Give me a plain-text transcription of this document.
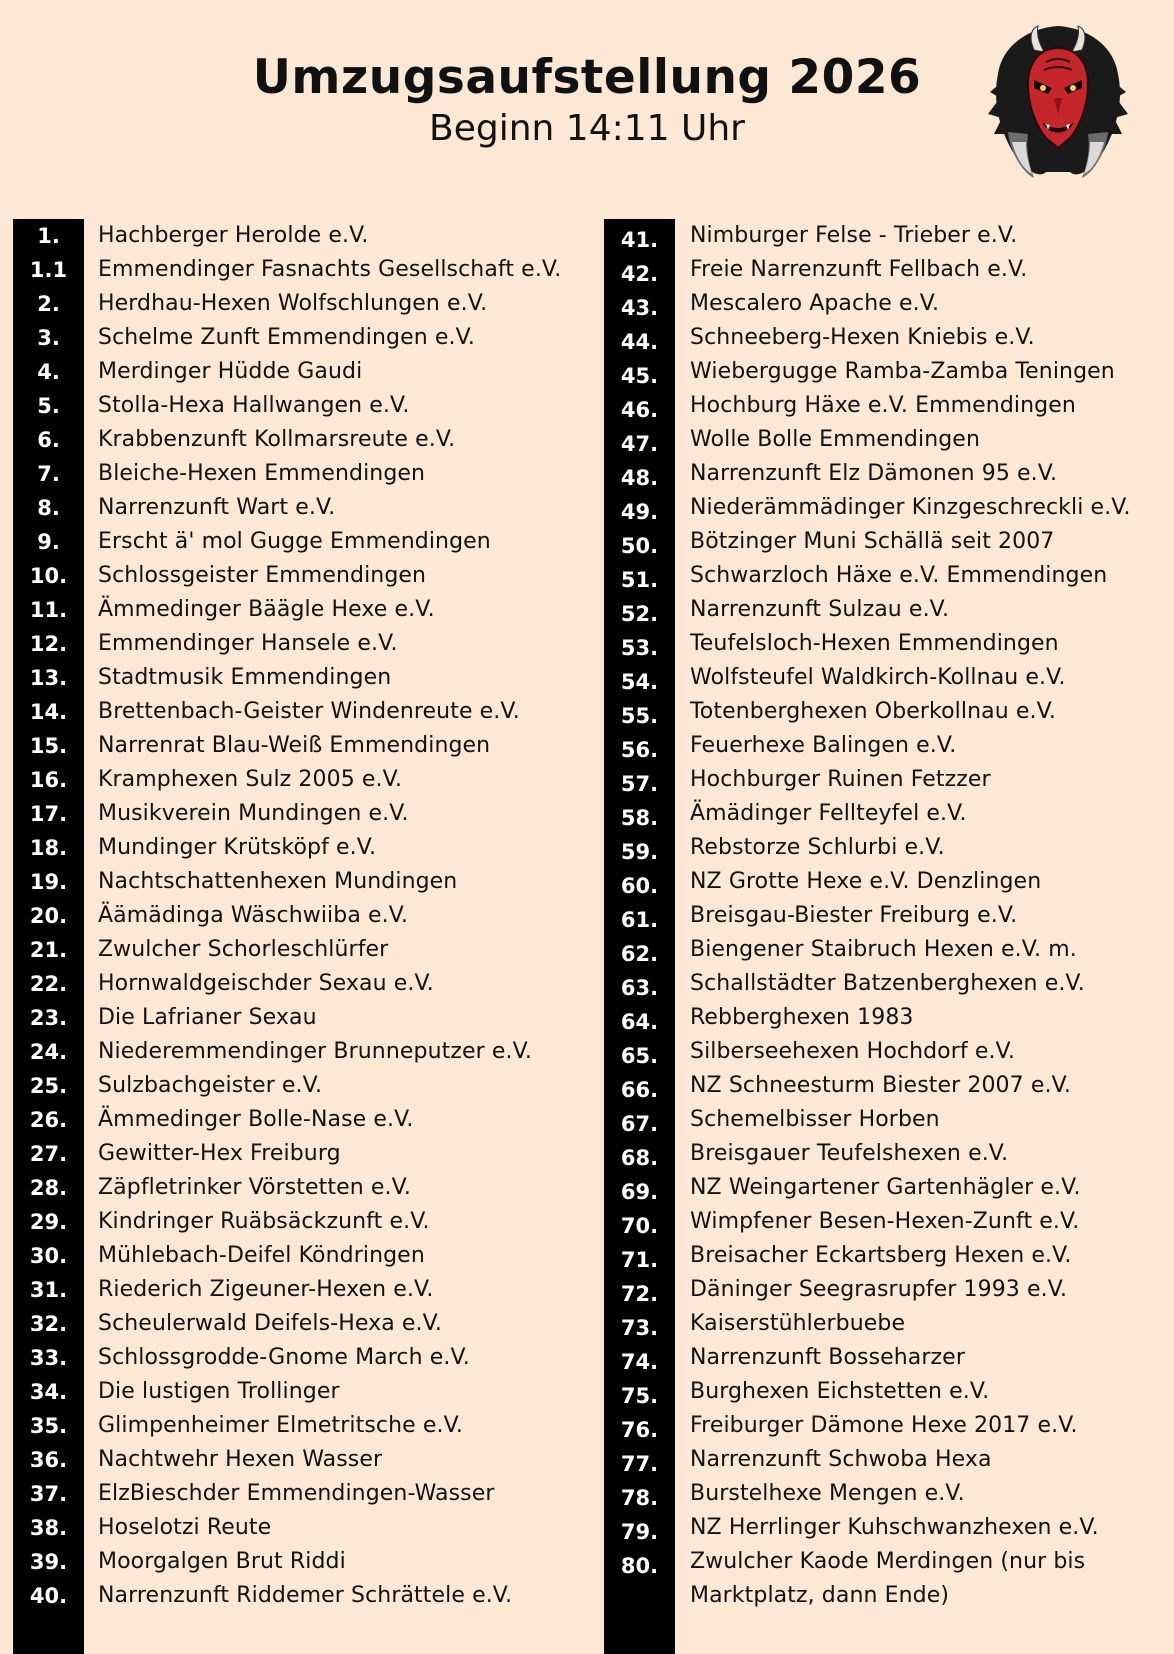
Umzugsaufstellung 2026

Beginn 14:11 Uhr

1.	Hachberger Herolde e.V.
1.1	Emmendinger Fasnachts Gesellschaft e.V.
2.	Herdhau-Hexen Wolfschlungen e.V.
3.	Schelme Zunft Emmendingen e.V.
4.	Merdinger Hüdde Gaudi
5.	Stolla-Hexa Hallwangen e.V.
6.	Krabbenzunft Kollmarsreute e.V.
7.	Bleiche-Hexen Emmendingen
8.	Narrenzunft Wart e.V.
9.	Erscht ä' mol Gugge Emmendingen
10.	Schlossgeister Emmendingen
11.	Ämmedinger Bäägle Hexe e.V.
12.	Emmendinger Hansele e.V.
13.	Stadtmusik Emmendingen
14.	Brettenbach-Geister Windenreute e.V.
15.	Narrenrat Blau-Weiß Emmendingen
16.	Kramphexen Sulz 2005 e.V.
17.	Musikverein Mundingen e.V.
18.	Mundinger Krütsköpf e.V.
19.	Nachtschattenhexen Mundingen
20.	Äämädinga Wäschwiiba e.V.
21.	Zwulcher Schorleschlürfer
22.	Hornwaldgeischder Sexau e.V.
23.	Die Lafrianer Sexau
24.	Niederemmendinger Brunneputzer e.V.
25.	Sulzbachgeister e.V.
26.	Ämmedinger Bolle-Nase e.V.
27.	Gewitter-Hex Freiburg
28.	Zäpfletrinker Vörstetten e.V.
29.	Kindringer Ruäbsäckzunft e.V.
30.	Mühlebach-Deifel Köndringen
31.	Riederich Zigeuner-Hexen e.V.
32.	Scheulerwald Deifels-Hexa e.V.
33.	Schlossgrodde-Gnome March e.V.
34.	Die lustigen Trollinger
35.	Glimpenheimer Elmetritsche e.V.
36.	Nachtwehr Hexen Wasser
37.	ElzBieschder Emmendingen-Wasser
38.	Hoselotzi Reute
39.	Moorgalgen Brut Riddi
40.	Narrenzunft Riddemer Schrättele e.V.
41.	Nimburger Felse - Trieber e.V.
42.	Freie Narrenzunft Fellbach e.V.
43.	Mescalero Apache e.V.
44.	Schneeberg-Hexen Kniebis e.V.
45.	Wiebergugge Ramba-Zamba Teningen
46.	Hochburg Häxe e.V. Emmendingen
47.	Wolle Bolle Emmendingen
48.	Narrenzunft Elz Dämonen 95 e.V.
49.	Niederämmädinger Kinzgeschreckli e.V.
50.	Bötzinger Muni Schällä seit 2007
51.	Schwarzloch Häxe e.V. Emmendingen
52.	Narrenzunft Sulzau e.V.
53.	Teufelsloch-Hexen Emmendingen
54.	Wolfsteufel Waldkirch-Kollnau e.V.
55.	Totenberghexen Oberkollnau e.V.
56.	Feuerhexe Balingen e.V.
57.	Hochburger Ruinen Fetzzer
58.	Ämädinger Fellteyfel e.V.
59.	Rebstorze Schlurbi e.V.
60.	NZ Grotte Hexe e.V. Denzlingen
61.	Breisgau-Biester Freiburg e.V.
62.	Biengener Staibruch Hexen e.V. m.
63.	Schallstädter Batzenberghexen e.V.
64.	Rebberghexen 1983
65.	Silberseehexen Hochdorf e.V.
66.	NZ Schneesturm Biester 2007 e.V.
67.	Schemelbisser Horben
68.	Breisgauer Teufelshexen e.V.
69.	NZ Weingartener Gartenhägler e.V.
70.	Wimpfener Besen-Hexen-Zunft e.V.
71.	Breisacher Eckartsberg Hexen e.V.
72.	Däninger Seegrasrupfer 1993 e.V.
73.	Kaiserstühlerbuebe
74.	Narrenzunft Bosseharzer
75.	Burghexen Eichstetten e.V.
76.	Freiburger Dämone Hexe 2017 e.V.
77.	Narrenzunft Schwoba Hexa
78.	Burstelhexe Mengen e.V.
79.	NZ Herrlinger Kuhschwanzhexen e.V.
80.	Zwulcher Kaode Merdingen (nur bis Marktplatz, dann Ende)
